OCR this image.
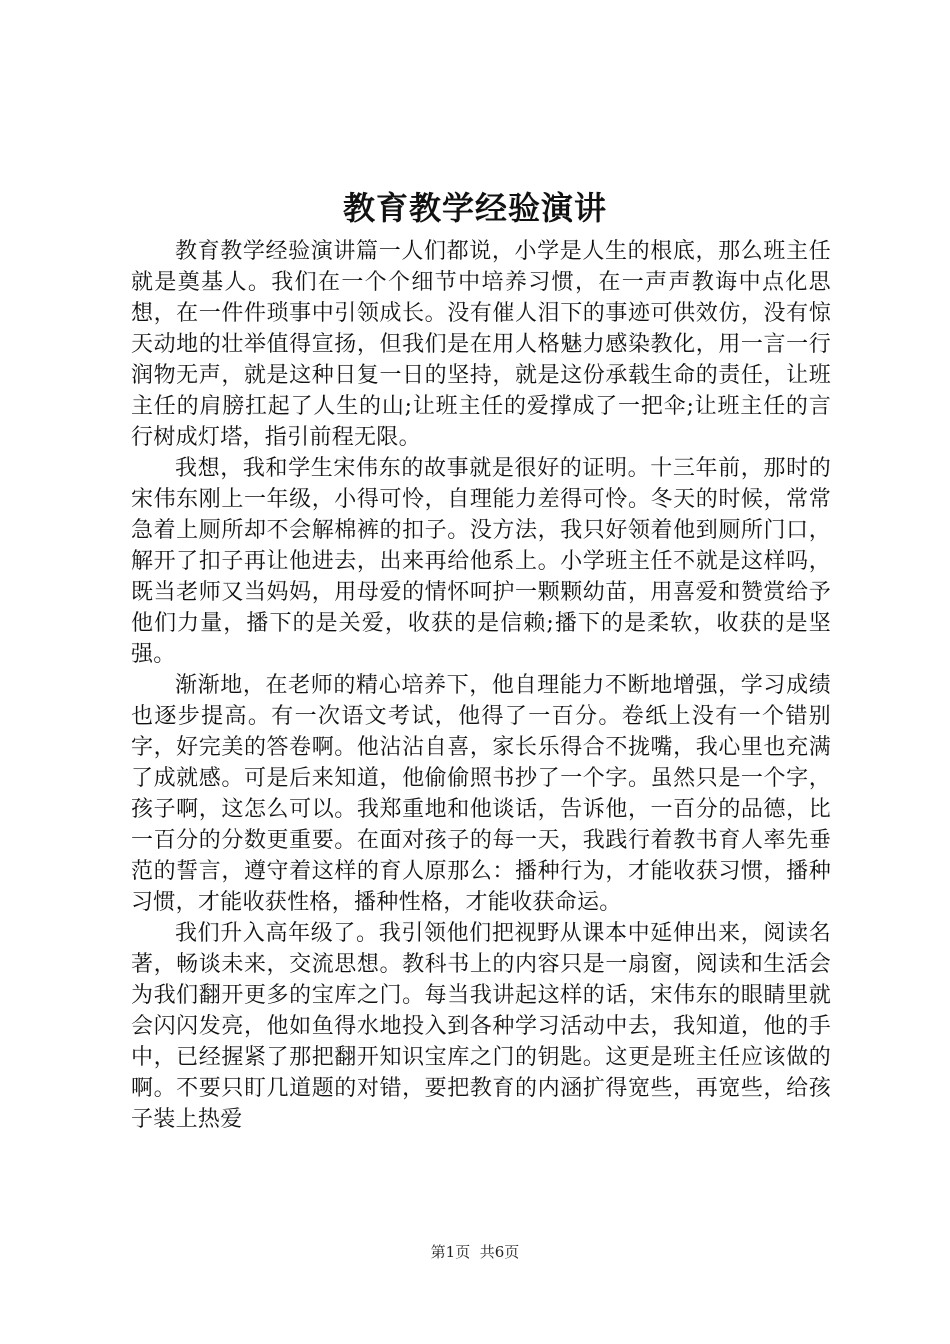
教育教学经验演讲

教育教学经验演讲篇一人们都说，小学是人生的根底，那么班主任就是奠基人。我们在一个个细节中培养习惯，在一声声教诲中点化思想，在一件件琐事中引领成长。没有催人泪下的事迹可供效仿，没有惊天动地的壮举值得宣扬，但我们是在用人格魅力感染教化，用一言一行润物无声，就是这种日复一日的坚持，就是这份承载生命的责任，让班主任的肩膀扛起了人生的山;让班主任的爱撑成了一把伞;让班主任的言行树成灯塔，指引前程无限。

我想，我和学生宋伟东的故事就是很好的证明。十三年前，那时的宋伟东刚上一年级，小得可怜，自理能力差得可怜。冬天的时候，常常急着上厕所却不会解棉裤的扣子。没方法，我只好领着他到厕所门口，解开了扣子再让他进去，出来再给他系上。小学班主任不就是这样吗，既当老师又当妈妈，用母爱的情怀呵护一颗颗幼苗，用喜爱和赞赏给予他们力量，播下的是关爱，收获的是信赖;播下的是柔软，收获的是坚强。

渐渐地，在老师的精心培养下，他自理能力不断地增强，学习成绩也逐步提高。有一次语文考试，他得了一百分。卷纸上没有一个错别字，好完美的答卷啊。他沾沾自喜，家长乐得合不拢嘴，我心里也充满了成就感。可是后来知道，他偷偷照书抄了一个字。虽然只是一个字，孩子啊，这怎么可以。我郑重地和他谈话，告诉他，一百分的品德，比一百分的分数更重要。在面对孩子的每一天，我践行着教书育人率先垂范的誓言，遵守着这样的育人原那么：播种行为，才能收获习惯，播种习惯，才能收获性格，播种性格，才能收获命运。

我们升入高年级了。我引领他们把视野从课本中延伸出来，阅读名著，畅谈未来，交流思想。教科书上的内容只是一扇窗，阅读和生活会为我们翻开更多的宝库之门。每当我讲起这样的话，宋伟东的眼睛里就会闪闪发亮，他如鱼得水地投入到各种学习活动中去，我知道，他的手中，已经握紧了那把翻开知识宝库之门的钥匙。这更是班主任应该做的啊。不要只盯几道题的对错，要把教育的内涵扩得宽些，再宽些，给孩子装上热爱

第1页 共6页
